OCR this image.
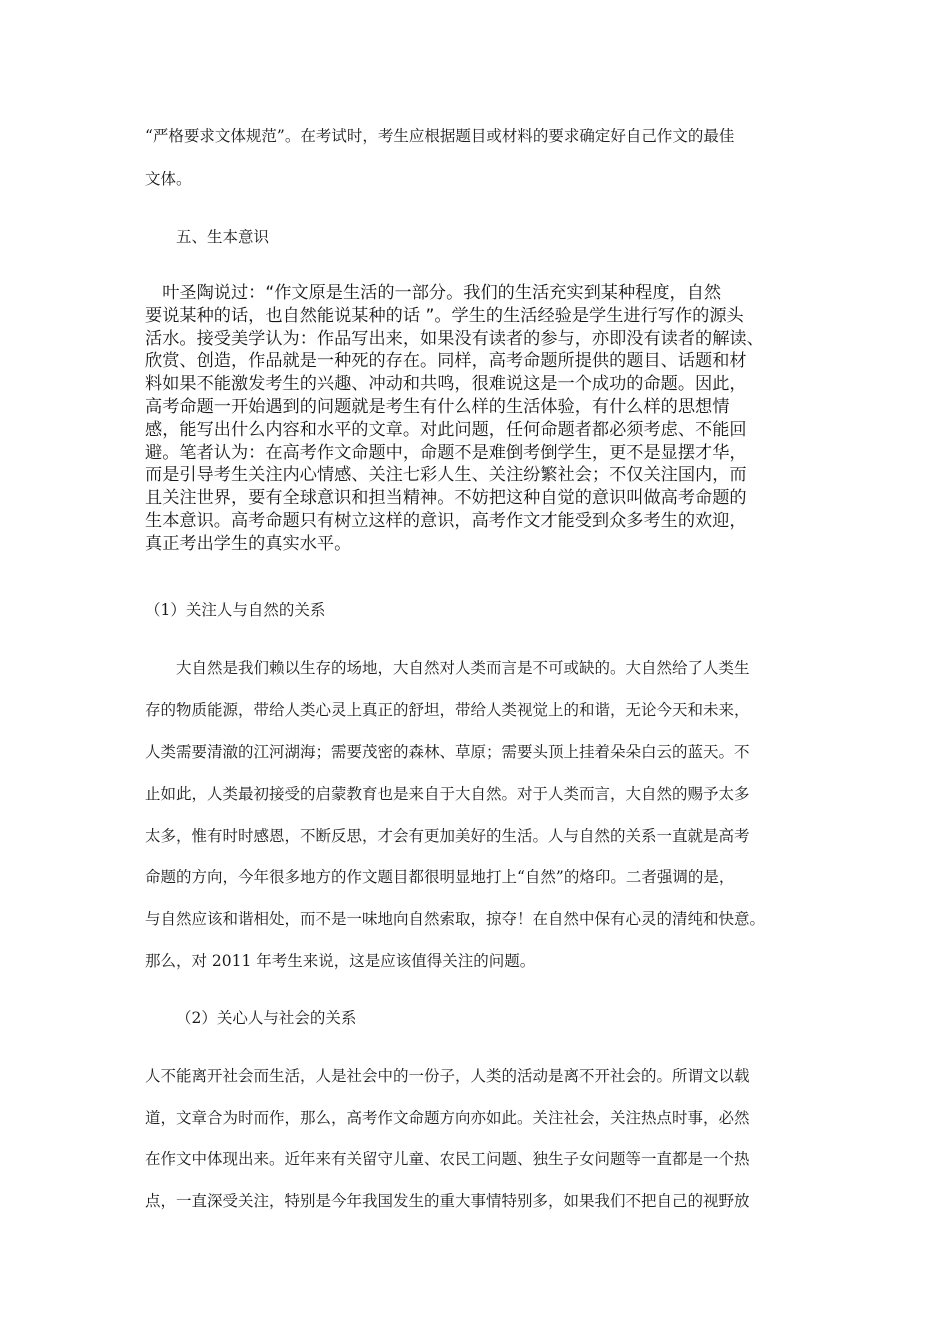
“严格要求文体规范”。在考试时，考生应根据题目或材料的要求确定好自己作文的最佳
文体。
五、生本意识
　叶圣陶说过：“作文原是生活的一部分。我们的生活充实到某种程度，自然
要说某种的话，也自然能说某种的话 ”。学生的生活经验是学生进行写作的源头
活水。接受美学认为：作品写出来，如果没有读者的参与，亦即没有读者的解读、
欣赏、创造，作品就是一种死的存在。同样，高考命题所提供的题目、话题和材
料如果不能激发考生的兴趣、冲动和共鸣，很难说这是一个成功的命题。因此，
高考命题一开始遇到的问题就是考生有什么样的生活体验，有什么样的思想情
感，能写出什么内容和水平的文章。对此问题，任何命题者都必须考虑、不能回
避。笔者认为：在高考作文命题中，命题不是难倒考倒学生，更不是显摆才华，
而是引导考生关注内心情感、关注七彩人生、关注纷繁社会；不仅关注国内，而
且关注世界，要有全球意识和担当精神。不妨把这种自觉的意识叫做高考命题的
生本意识。高考命题只有树立这样的意识，高考作文才能受到众多考生的欢迎，
真正考出学生的真实水平。
（1）关注人与自然的关系
大自然是我们赖以生存的场地，大自然对人类而言是不可或缺的。大自然给了人类生
存的物质能源，带给人类心灵上真正的舒坦，带给人类视觉上的和谐，无论今天和未来，
人类需要清澈的江河湖海；需要茂密的森林、草原；需要头顶上挂着朵朵白云的蓝天。不
止如此，人类最初接受的启蒙教育也是来自于大自然。对于人类而言，大自然的赐予太多
太多，惟有时时感恩，不断反思，才会有更加美好的生活。人与自然的关系一直就是高考
命题的方向，今年很多地方的作文题目都很明显地打上“自然”的烙印。二者强调的是，
与自然应该和谐相处，而不是一味地向自然索取，掠夺！在自然中保有心灵的清纯和快意。
那么，对 2011 年考生来说，这是应该值得关注的问题。
（2）关心人与社会的关系
人不能离开社会而生活，人是社会中的一份子，人类的活动是离不开社会的。所谓文以载
道，文章合为时而作，那么，高考作文命题方向亦如此。关注社会，关注热点时事，必然
在作文中体现出来。近年来有关留守儿童、农民工问题、独生子女问题等一直都是一个热
点，一直深受关注，特别是今年我国发生的重大事情特别多，如果我们不把自己的视野放
